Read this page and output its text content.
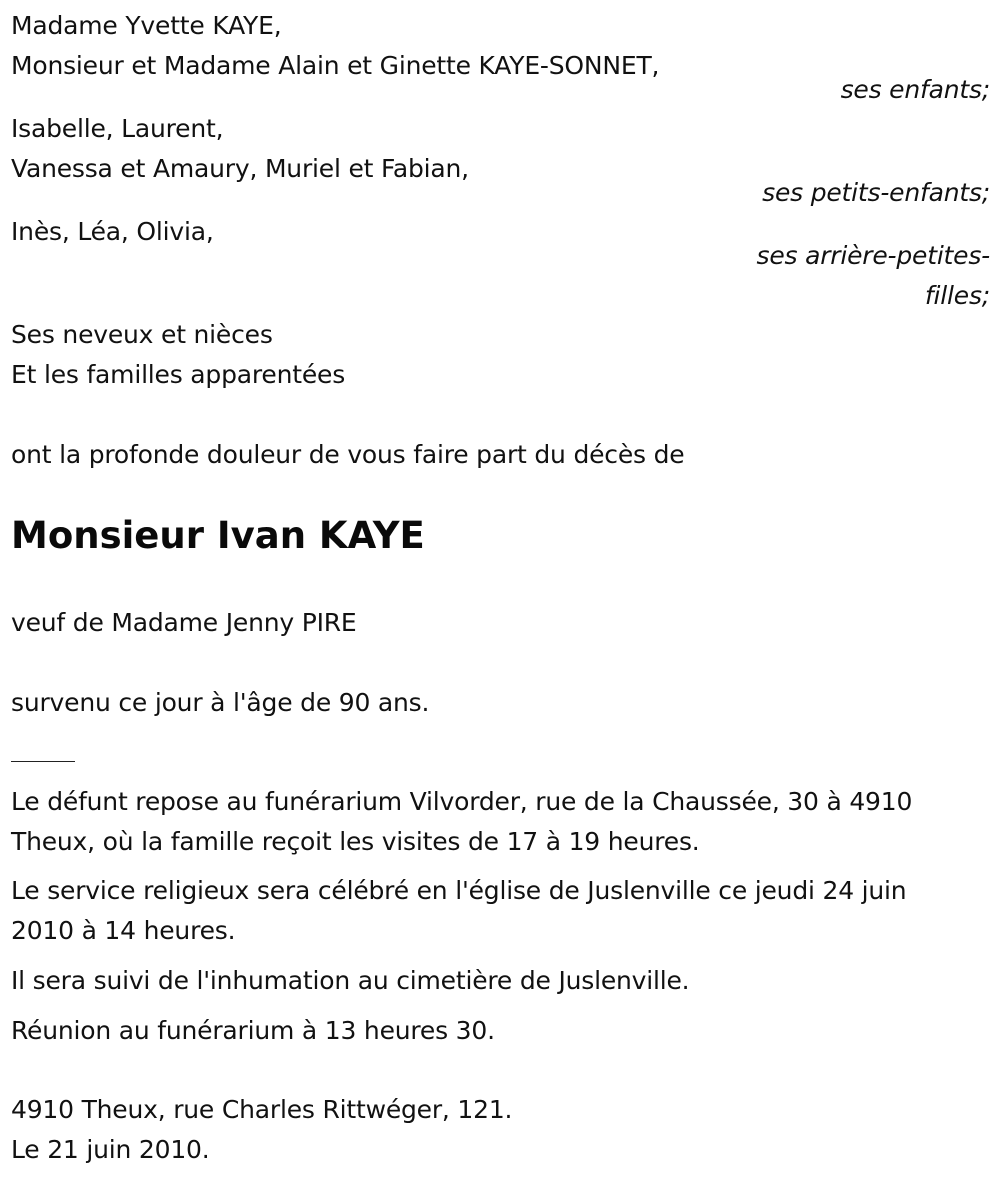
Madame Yvette KAYE,
Monsieur et Madame Alain et Ginette KAYE-SONNET,
ses enfants;
Isabelle, Laurent,
Vanessa et Amaury, Muriel et Fabian,
ses petits-enfants;
Inès, Léa, Olivia,
ses arrière-petites-
filles;
Ses neveux et nièces
Et les familles apparentées
ont la profonde douleur de vous faire part du décès de
Monsieur Ivan KAYE
veuf de Madame Jenny PIRE
survenu ce jour à l'âge de 90 ans.
Le défunt repose au funérarium Vilvorder, rue de la Chaussée, 30 à 4910
Theux, où la famille reçoit les visites de 17 à 19 heures.
Le service religieux sera célébré en l'église de Juslenville ce jeudi 24 juin
2010 à 14 heures.
Il sera suivi de l'inhumation au cimetière de Juslenville.
Réunion au funérarium à 13 heures 30.
4910 Theux, rue Charles Rittwéger, 121.
Le 21 juin 2010.
